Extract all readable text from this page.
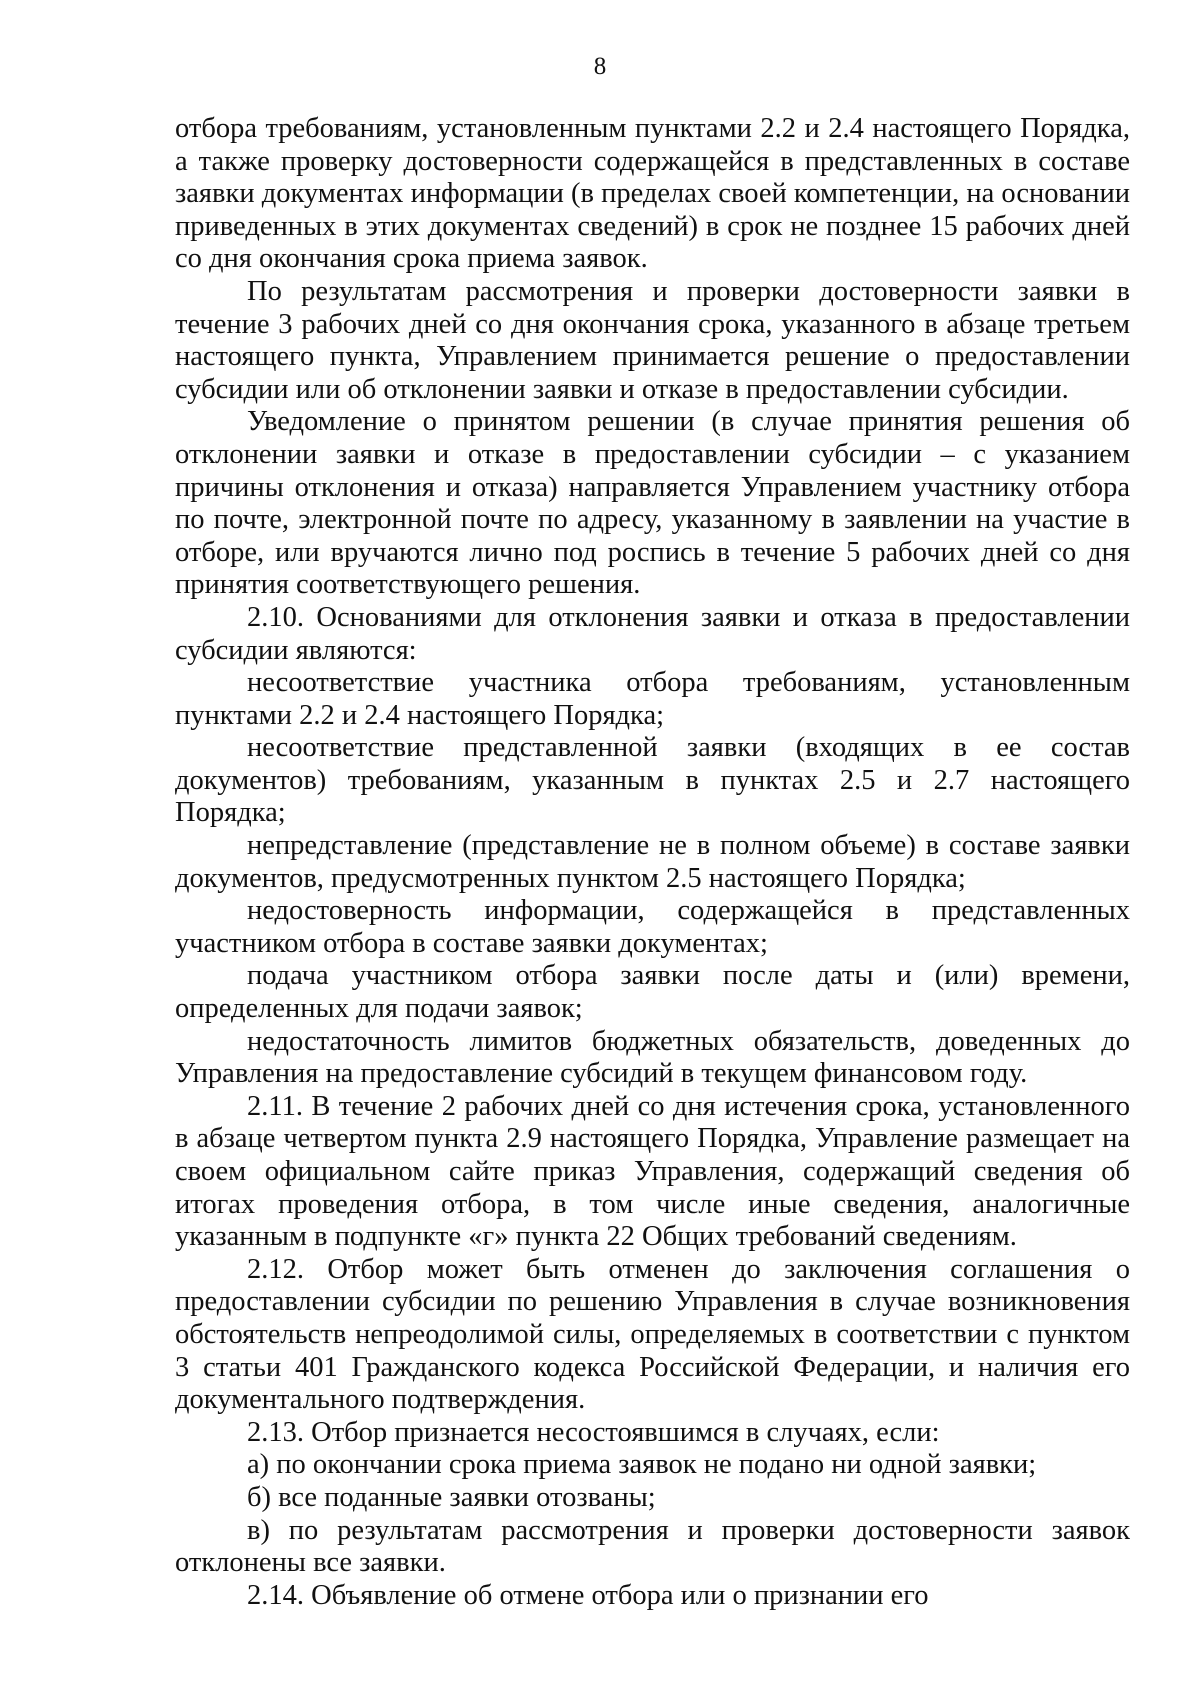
8

отбора требованиям, установленным пунктами 2.2 и 2.4 настоящего Порядка, а также проверку достоверности содержащейся в представленных в составе заявки документах информации (в пределах своей компетенции, на основании приведенных в этих документах сведений) в срок не позднее 15 рабочих дней со дня окончания срока приема заявок.

По результатам рассмотрения и проверки достоверности заявки в течение 3 рабочих дней со дня окончания срока, указанного в абзаце третьем настоящего пункта, Управлением принимается решение о предоставлении субсидии или об отклонении заявки и отказе в предоставлении субсидии.

Уведомление о принятом решении (в случае принятия решения об отклонении заявки и отказе в предоставлении субсидии – с указанием причины отклонения и отказа) направляется Управлением участнику отбора по почте, электронной почте по адресу, указанному в заявлении на участие в отборе, или вручаются лично под роспись в течение 5 рабочих дней со дня принятия соответствующего решения.

2.10. Основаниями для отклонения заявки и отказа в предоставлении субсидии являются:

несоответствие участника отбора требованиям, установленным пунктами 2.2 и 2.4 настоящего Порядка;

несоответствие представленной заявки (входящих в ее состав документов) требованиям, указанным в пунктах 2.5 и 2.7 настоящего Порядка;

непредставление (представление не в полном объеме) в составе заявки документов, предусмотренных пунктом 2.5 настоящего Порядка;

недостоверность информации, содержащейся в представленных участником отбора в составе заявки документах;

подача участником отбора заявки после даты и (или) времени, определенных для подачи заявок;

недостаточность лимитов бюджетных обязательств, доведенных до Управления на предоставление субсидий в текущем финансовом году.

2.11. В течение 2 рабочих дней со дня истечения срока, установленного в абзаце четвертом пункта 2.9 настоящего Порядка, Управление размещает на своем официальном сайте приказ Управления, содержащий сведения об итогах проведения отбора, в том числе иные сведения, аналогичные указанным в подпункте «г» пункта 22 Общих требований сведениям.

2.12. Отбор может быть отменен до заключения соглашения о предоставлении субсидии по решению Управления в случае возникновения обстоятельств непреодолимой силы, определяемых в соответствии с пунктом 3 статьи 401 Гражданского кодекса Российской Федерации, и наличия его документального подтверждения.

2.13. Отбор признается несостоявшимся в случаях, если:

а) по окончании срока приема заявок не подано ни одной заявки;

б) все поданные заявки отозваны;

в) по результатам рассмотрения и проверки достоверности заявок отклонены все заявки.

2.14. Объявление об отмене отбора или о признании его
